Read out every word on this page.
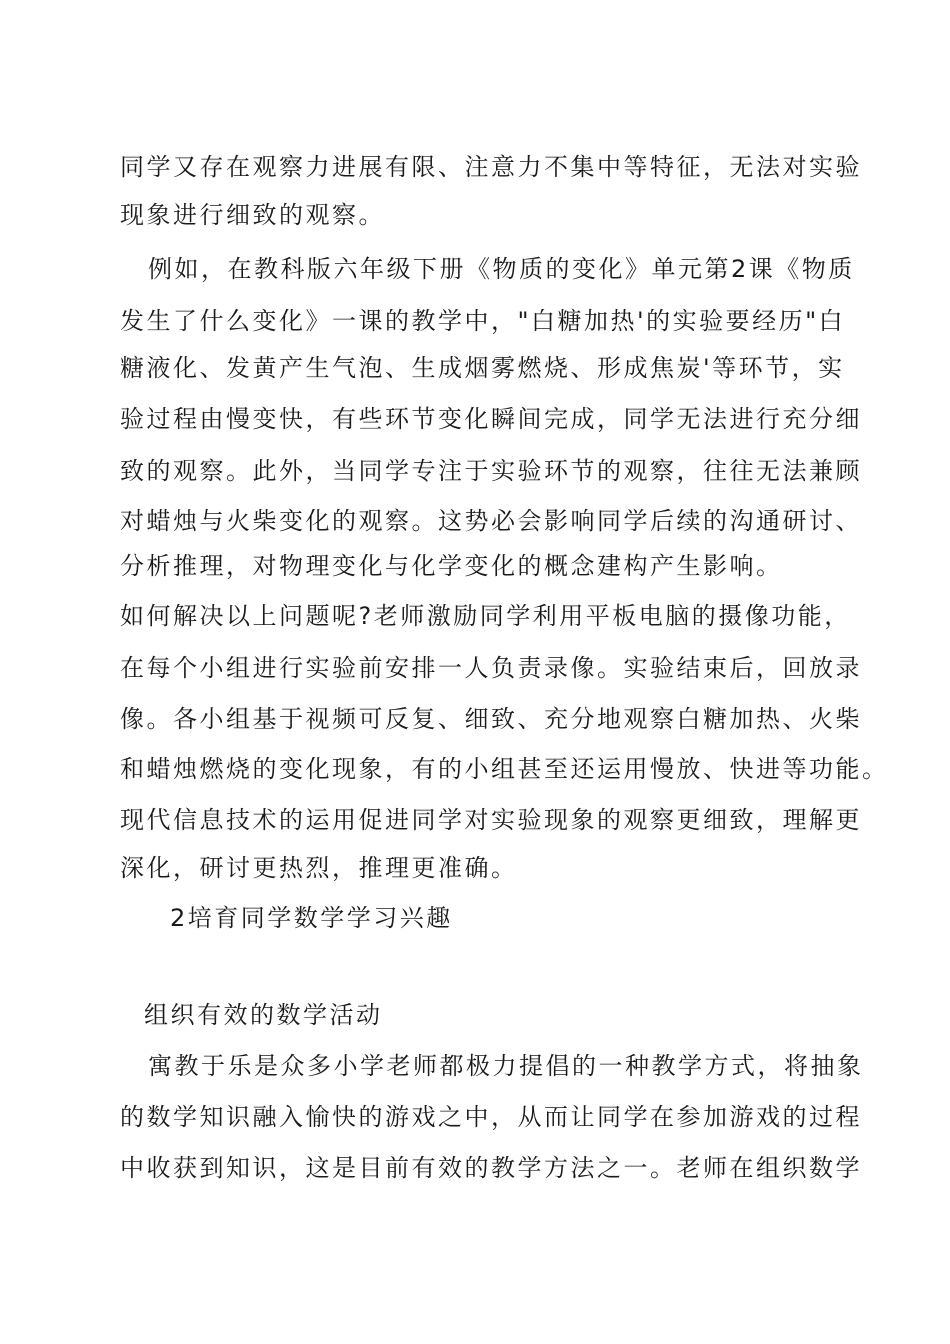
同学又存在观察力进展有限、注意力不集中等特征，无法对实验
现象进行细致的观察。
例如，在教科版六年级下册《物质的变化》单元第2课《物质
发生了什么变化》一课的教学中，"白糖加热'的实验要经历"白
糖液化、发黄产生气泡、生成烟雾燃烧、形成焦炭'等环节，实
验过程由慢变快，有些环节变化瞬间完成，同学无法进行充分细
致的观察。此外，当同学专注于实验环节的观察，往往无法兼顾
对蜡烛与火柴变化的观察。这势必会影响同学后续的沟通研讨、
分析推理，对物理变化与化学变化的概念建构产生影响。
如何解决以上问题呢?老师激励同学利用平板电脑的摄像功能，
在每个小组进行实验前安排一人负责录像。实验结束后，回放录
像。各小组基于视频可反复、细致、充分地观察白糖加热、火柴
和蜡烛燃烧的变化现象，有的小组甚至还运用慢放、快进等功能。
现代信息技术的运用促进同学对实验现象的观察更细致，理解更
深化，研讨更热烈，推理更准确。
2培育同学数学学习兴趣
组织有效的数学活动
寓教于乐是众多小学老师都极力提倡的一种教学方式，将抽象
的数学知识融入愉快的游戏之中，从而让同学在参加游戏的过程
中收获到知识，这是目前有效的教学方法之一。老师在组织数学
